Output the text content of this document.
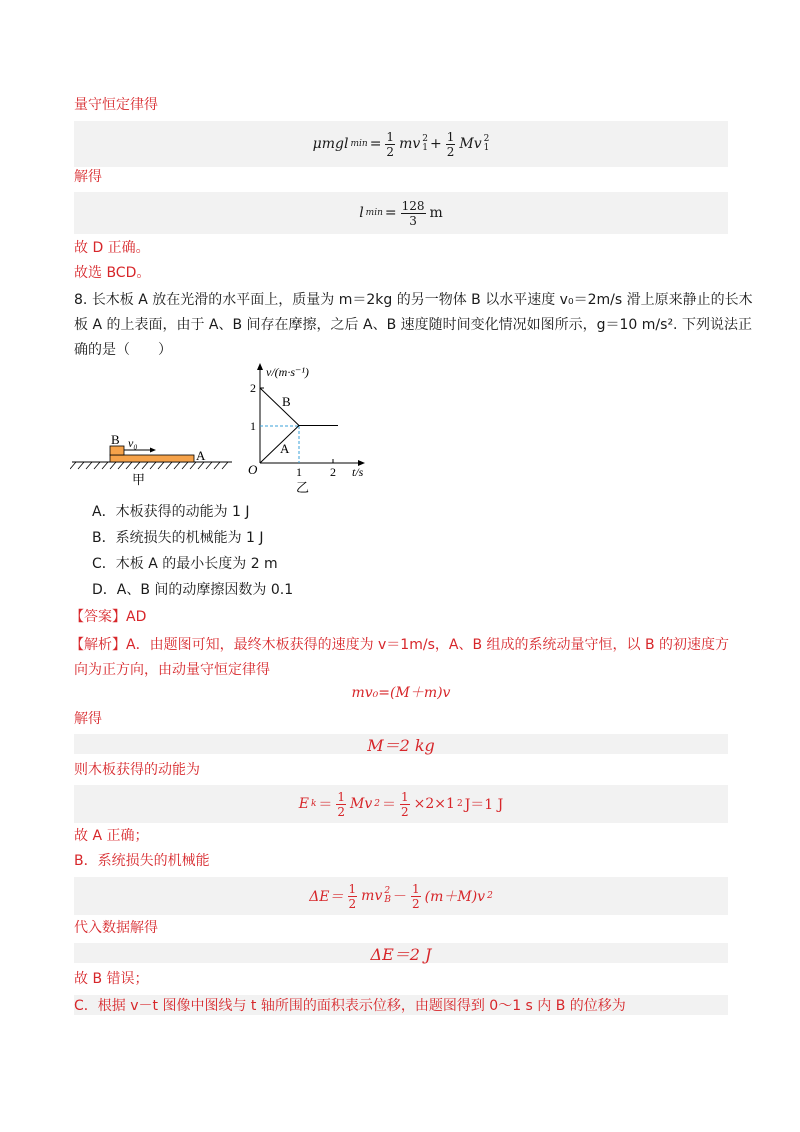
量守恒定律得
μmgl $\min = \frac{1}{2}$ mv 2
$1 + \frac{1}{2}$ Mv 2
1
解得
l $\min = \frac{128}{3}$ m
故 D 正确。
故选 BCD。
8. 长木板 A 放在光滑的水平面上，质量为 m＝2kg 的另一物体 B 以水平速度 v₀＝2m/s 滑上原来静止的长木
板 A 的上表面，由于 A、B 间存在摩擦，之后 A、B 速度随时间变化情况如图所示，g＝10 m/s². 下列说法正
确的是（　　）
B v₀
A
甲
v/(m·s⁻¹)
t/s
O
1
2
1 2
B
A
乙
A．木板获得的动能为 1 J
B．系统损失的机械能为 1 J
C．木板 A 的最小长度为 2 m
D．A、B 间的动摩擦因数为 0.1
【答案】AD
【解析】A．由题图可知，最终木板获得的速度为 v＝1m/s，A、B 组成的系统动量守恒，以 B 的初速度方
向为正方向，由动量守恒定律得
mv₀=(M＋m)v
解得
M＝2 kg
则木板获得的动能为
E $k = \frac{1}{2}$ Mv $2 = \frac{1}{2} \times 2\times 1$ 2 J＝1 J
故 A 正确；
B．系统损失的机械能
$\Delta E= \frac{1}{2}$ mv 2
$B - \frac{1}{2} (m+M)v$ 2
代入数据解得
ΔE＝2 J
故 B 错误；
C．根据 v－t 图像中图线与 t 轴所围的面积表示位移，由题图得到 0～1 s 内 B 的位移为
